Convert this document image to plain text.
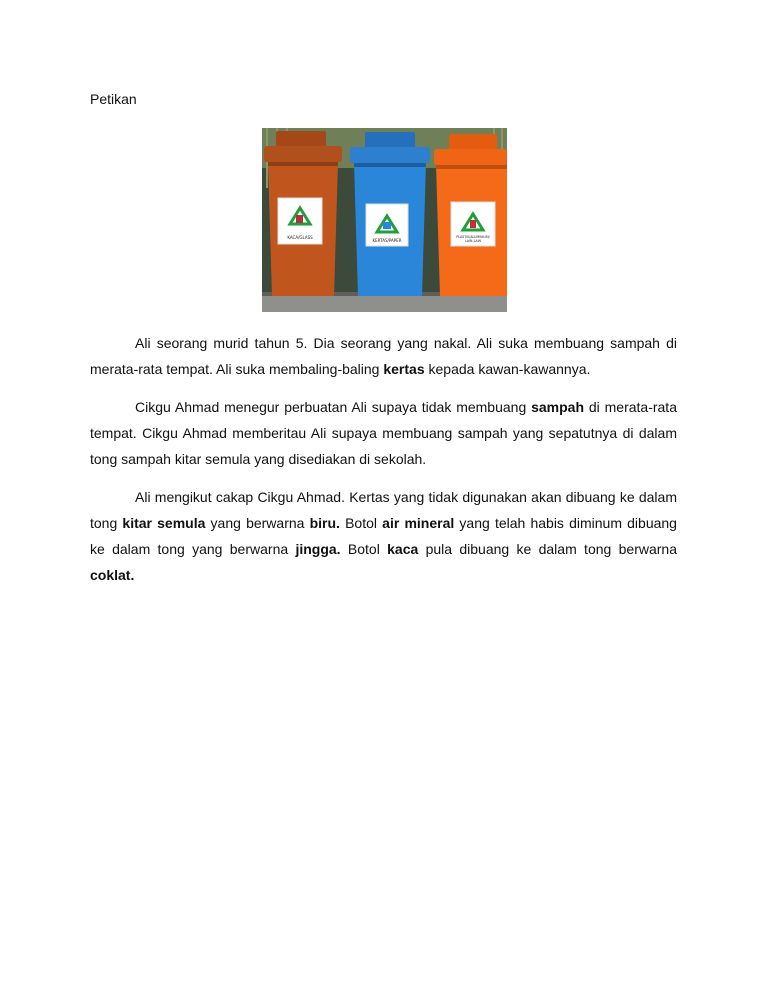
Petikan
KACA/GLASS
KERTAS/PAPER
PLASTIK/ALUMINIUM/
LAIN-LAIN

Ali seorang murid tahun 5. Dia seorang yang nakal. Ali suka membuang sampah di merata-rata tempat. Ali suka membaling-baling kertas kepada kawan-kawannya.

Cikgu Ahmad menegur perbuatan Ali supaya tidak membuang sampah di merata-rata tempat. Cikgu Ahmad memberitau Ali supaya membuang sampah yang sepatutnya di dalam tong sampah kitar semula yang disediakan di sekolah.

Ali mengikut cakap Cikgu Ahmad. Kertas yang tidak digunakan akan dibuang ke dalam tong kitar semula yang berwarna biru. Botol air mineral yang telah habis diminum dibuang ke dalam tong yang berwarna jingga. Botol kaca pula dibuang ke dalam tong berwarna coklat.
